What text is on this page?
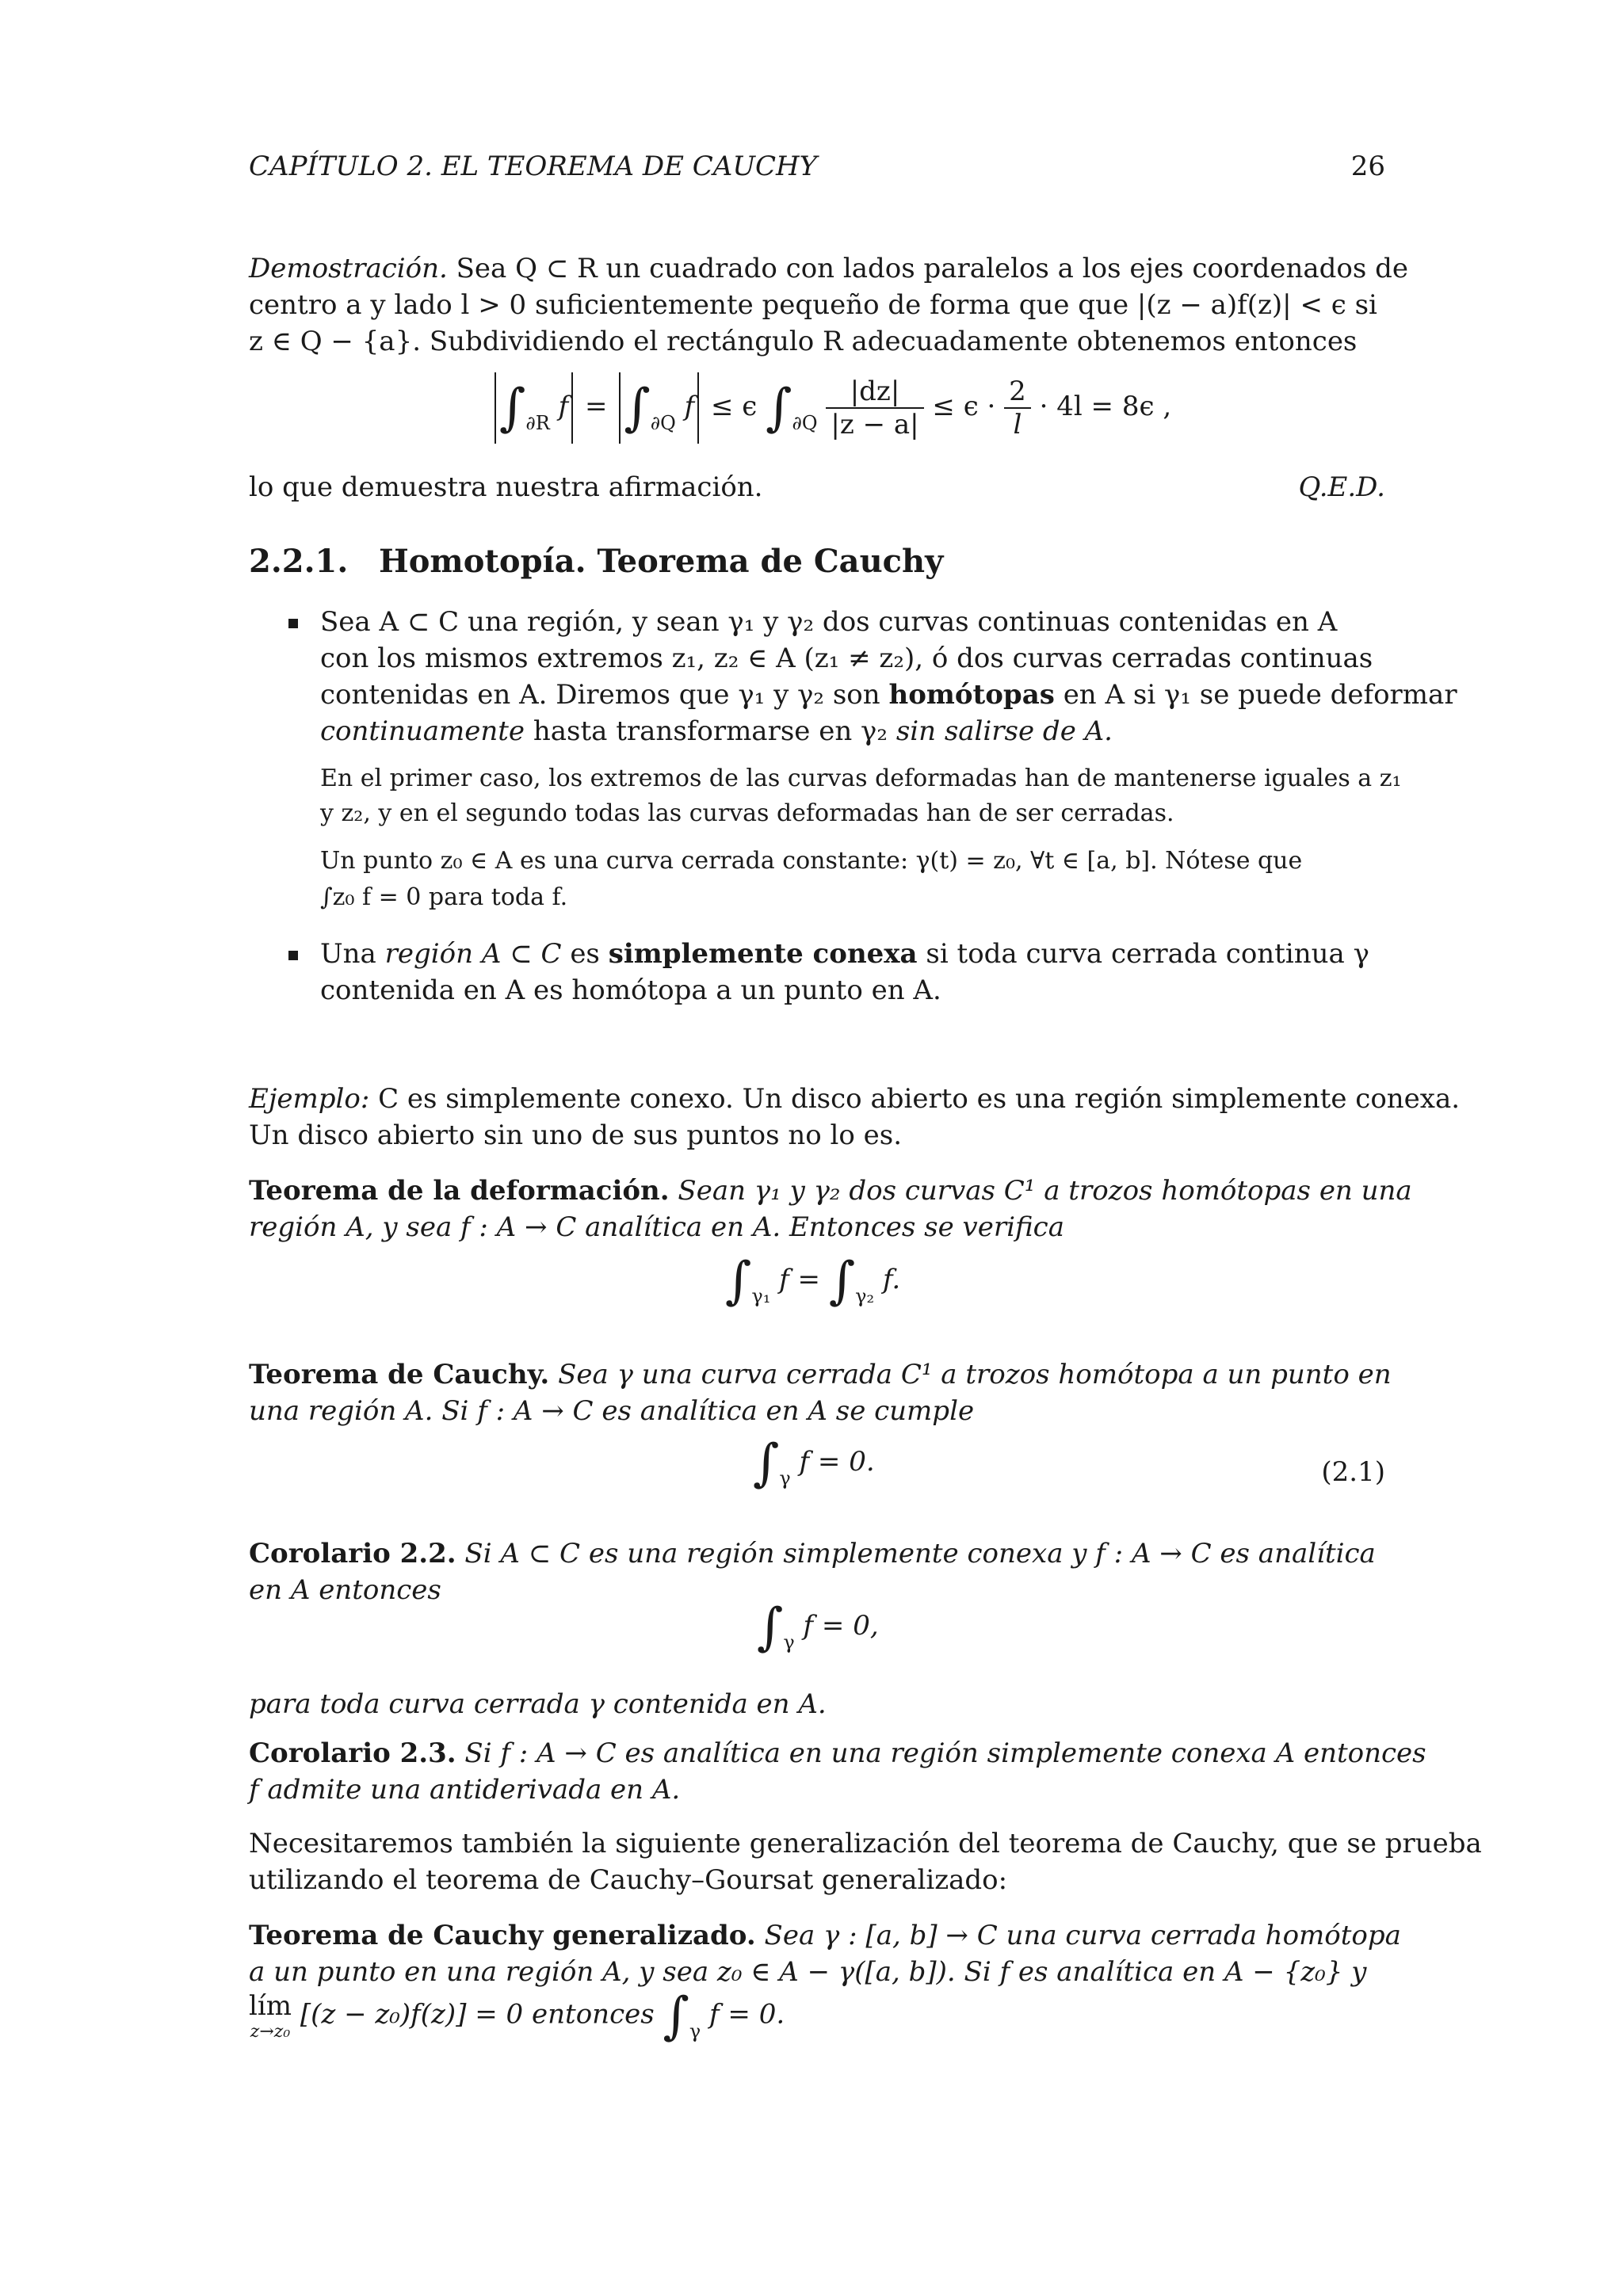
CAPÍTULO 2. EL TEOREMA DE CAUCHY	26
Demostración. Sea Q ⊂ R un cuadrado con lados paralelos a los ejes coordenados de
centro a y lado l > 0 suficientemente pequeño de forma que que |(z − a)f(z)| < ϵ si
z ∈ Q − {a}. Subdividiendo el rectángulo R adecuadamente obtenemos entonces
$\int_{\partial R}$ $f = \int_{\partial Q}$ f ≤ ϵ $\int_{\partial Q} \frac{|dz|}{|z - a|} \le \epsilon \cdot \frac{2}{l} \cdot 4l = 8\epsilon$ ,
lo que demuestra nuestra afirmación.	Q.E.D.
2.2.1. Homotopía. Teorema de Cauchy
Sea A ⊂ C una región, y sean γ₁ y γ₂ dos curvas continuas contenidas en A
con los mismos extremos z₁, z₂ ∈ A (z₁ ≠ z₂), ó dos curvas cerradas continuas
contenidas en A. Diremos que γ₁ y γ₂ son homótopas en A si γ₁ se puede deformar
continuamente hasta transformarse en γ₂ sin salirse de A.
En el primer caso, los extremos de las curvas deformadas han de mantenerse iguales a z₁
y z₂, y en el segundo todas las curvas deformadas han de ser cerradas.
Un punto z₀ ∈ A es una curva cerrada constante: γ(t) = z₀, ∀t ∈ [a, b]. Nótese que
∫z₀ f = 0 para toda f.
Una región A ⊂ C es simplemente conexa si toda curva cerrada continua γ
contenida en A es homótopa a un punto en A.
Ejemplo: C es simplemente conexo. Un disco abierto es una región simplemente conexa.
Un disco abierto sin uno de sus puntos no lo es.
Teorema de la deformación. Sean γ₁ y γ₂ dos curvas C¹ a trozos homótopas en una
región A, y sea f : A → C analítica en A. Entonces se verifica
$\int_{\gamma_1}$ $f = \int_{\gamma_2}$ f.
Teorema de Cauchy. Sea γ una curva cerrada C¹ a trozos homótopa a un punto en
una región A. Si f : A → C es analítica en A se cumple
$\int_\gamma$ f = 0.	(2.1)
Corolario 2.2. Si A ⊂ C es una región simplemente conexa y f : A → C es analítica
en A entonces
$\int_\gamma$ f = 0,
para toda curva cerrada γ contenida en A.
Corolario 2.3. Si f : A → C es analítica en una región simplemente conexa A entonces
f admite una antiderivada en A.
Necesitaremos también la siguiente generalización del teorema de Cauchy, que se prueba
utilizando el teorema de Cauchy–Goursat generalizado:
Teorema de Cauchy generalizado. Sea γ : [a, b] → C una curva cerrada homótopa
a un punto en una región A, y sea z₀ ∈ A − γ([a, b]). Si f es analítica en A − {z₀} y
lím
z→z₀
[(z − z₀)f(z)] = 0 entonces $\int_\gamma$ f = 0.
